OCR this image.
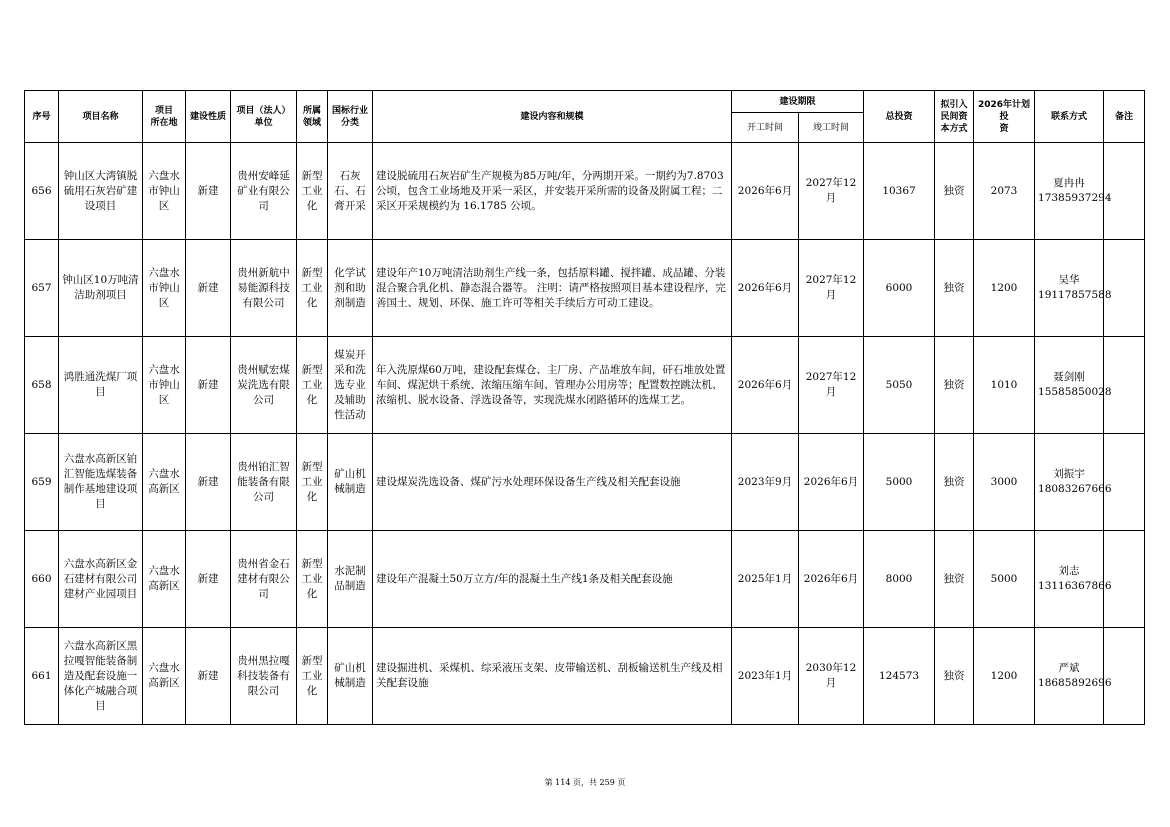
序号	项目名称	项目
所在地	建设性质	项目（法人）
单位	所属
领域	国标行业
分类	建设内容和规模	建设期限		总投资	拟引入
民间资
本方式	2026年计划投
资	联系方式	备注
								开工时间	竣工时间					
656	钟山区大湾镇脱硫用石灰岩矿建设项目	六盘水市钟山区	新建	贵州安峰延矿业有限公司	新型工业化	石灰石、石膏开采	建设脱硫用石灰岩矿生产规模为85万吨/年，分两期开采。一期约为7.8703公顷，包含工业场地及开采一采区，并安装开采所需的设备及附属工程；二采区开采规模约为 16.1785 公顷。	2026年6月	2027年12月	10367	独资	2073	夏冉冉
17385937294	
657	钟山区10万吨清洁助剂项目	六盘水市钟山区	新建	贵州新航中易能源科技有限公司	新型工业化	化学试剂和助剂制造	建设年产10万吨清洁助剂生产线一条，包括原料罐、搅拌罐、成品罐、分装混合聚合乳化机、静态混合器等。 注明：请严格按照项目基本建设程序，完善国土、规划、环保、施工许可等相关手续后方可动工建设。	2026年6月	2027年12月	6000	独资	1200	吴华
19117857588	
658	鸿胜通洗煤厂项目	六盘水市钟山区	新建	贵州赋宏煤炭洗选有限公司	新型工业化	煤炭开采和洗选专业及辅助性活动	年入洗原煤60万吨，建设配套煤仓、主厂房、产品堆放车间，矸石堆放处置车间、煤泥烘干系统、浓缩压缩车间、管理办公用房等；配置数控跳汰机、浓缩机、脱水设备、浮选设备等，实现洗煤水闭路循环的选煤工艺。	2026年6月	2027年12月	5050	独资	1010	聂剑刚
15585850028	
659	六盘水高新区铂汇智能选煤装备制作基地建设项目	六盘水高新区	新建	贵州铂汇智能装备有限公司	新型工业化	矿山机械制造	建设煤炭洗选设备、煤矿污水处理环保设备生产线及相关配套设施	2023年9月	2026年6月	5000	独资	3000	刘振宇
18083267666	
660	六盘水高新区金石建材有限公司建材产业园项目	六盘水高新区	新建	贵州省金石建材有限公司	新型工业化	水泥制品制造	建设年产混凝土50万立方/年的混凝土生产线1条及相关配套设施	2025年1月	2026年6月	8000	独资	5000	刘志
13116367866	
661	六盘水高新区黑拉嘎智能装备制造及配套设施一体化产城融合项目	六盘水高新区	新建	贵州黑拉嘎科技装备有限公司	新型工业化	矿山机械制造	建设掘进机、采煤机、综采液压支架、皮带输送机、刮板输送机生产线及相关配套设施	2023年1月	2030年12月	124573	独资	1200	严斌
18685892696	
第 114 页，共 259 页
